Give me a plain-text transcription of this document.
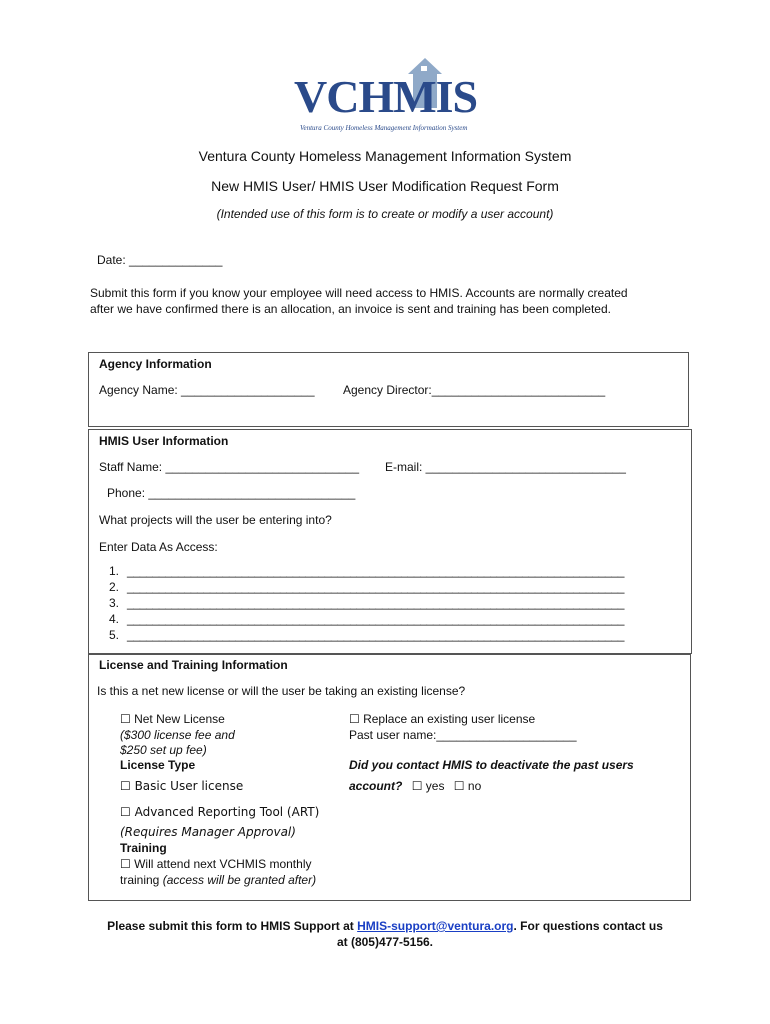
VCHMIS
Ventura County Homeless Management Information System
Ventura County Homeless Management Information System
New HMIS User/ HMIS User Modification Request Form
(Intended use of this form is to create or modify a user account)
Date: ______________
Submit this form if you know your employee will need access to HMIS. Accounts are normally created
after we have confirmed there is an allocation, an invoice is sent and training has been completed.
Agency Information
Agency Name: ____________________ Agency Director:__________________________
HMIS User Information
Staff Name: _____________________________ E-mail: ______________________________
Phone: _______________________________
What projects will the user be entering into?
Enter Data As Access:
1. ______________________________________________________________________________
2. ______________________________________________________________________________
3. ______________________________________________________________________________
4. ______________________________________________________________________________
5. ______________________________________________________________________________
License and Training Information
Is this a net new license or will the user be taking an existing license?
☐ Net New License
($300 license fee and
$250 set up fee)
☐ Replace an existing user license
Past user name:_____________________
License Type
☐ Basic User license
Did you contact HMIS to deactivate the past users
account? ☐ yes ☐ no
☐ Advanced Reporting Tool (ART)
(Requires Manager Approval)
Training
☐ Will attend next VCHMIS monthly
training (access will be granted after)
Please submit this form to HMIS Support at HMIS-support@ventura.org. For questions contact us
at (805)477-5156.
